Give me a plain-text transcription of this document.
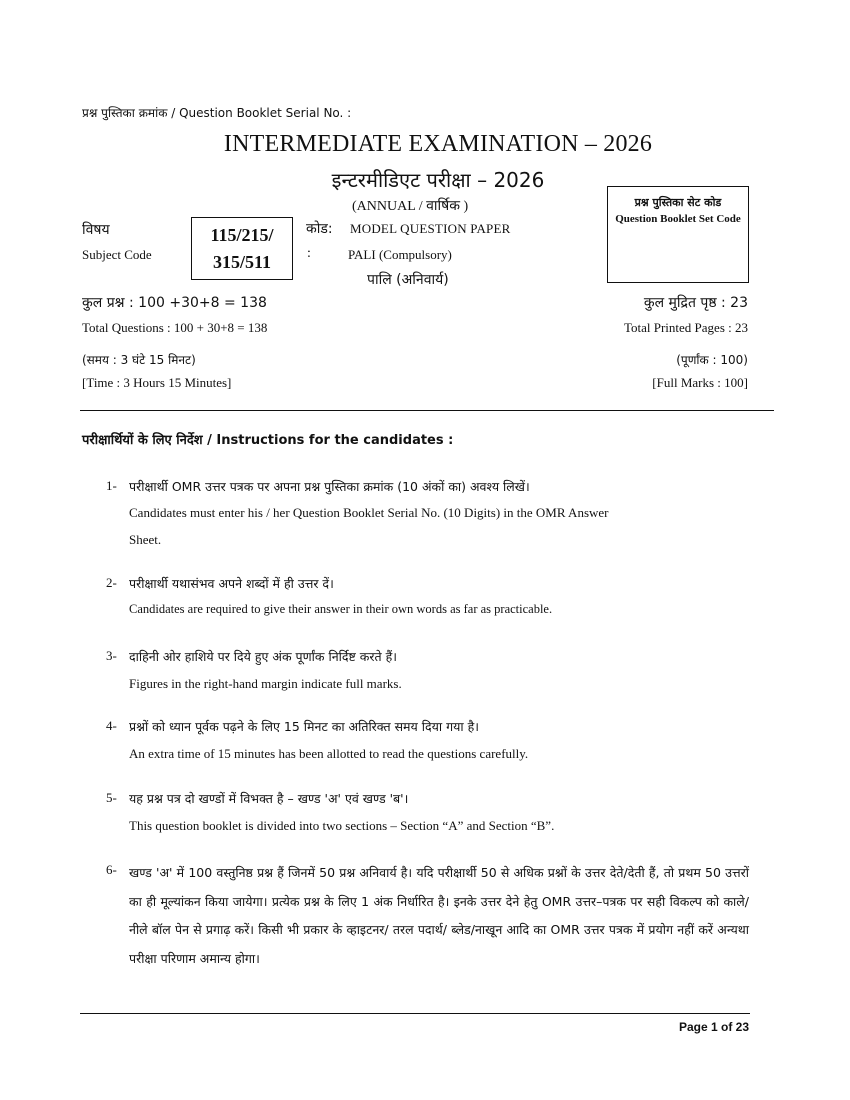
प्रश्न पुस्तिका क्रमांक / Question Booklet Serial No. :
INTERMEDIATE EXAMINATION – 2026
इन्टरमीडिएट परीक्षा – 2026
(ANNUAL / वार्षिक )	प्रश्न पुस्तिका सेट कोड
Question Booklet Set Code
विषय
Subject Code
115/215/
315/511
कोड:
:
MODEL QUESTION PAPER
PALI (Compulsory)
पालि (अनिवार्य)
कुल प्रश्न : 100 +30+8 = 138
Total Questions : 100 + 30+8 = 138
कुल मुद्रित पृष्ठ : 23
Total Printed Pages : 23
(समय : 3 घंटे 15 मिनट)
[Time : 3 Hours 15 Minutes]
(पूर्णांक : 100)
[Full Marks : 100]
परीक्षार्थियों के लिए निर्देश / Instructions for the candidates :
1- परीक्षार्थी OMR उत्तर पत्रक पर अपना प्रश्न पुस्तिका क्रमांक (10 अंकों का) अवश्य लिखें।
Candidates must enter his / her Question Booklet Serial No. (10 Digits) in the OMR Answer
Sheet.
2- परीक्षार्थी यथासंभव अपने शब्दों में ही उत्तर दें।
Candidates are required to give their answer in their own words as far as practicable.
3- दाहिनी ओर हाशिये पर दिये हुए अंक पूर्णांक निर्दिष्ट करते हैं।
Figures in the right-hand margin indicate full marks.
4- प्रश्नों को ध्यान पूर्वक पढ़ने के लिए 15 मिनट का अतिरिक्त समय दिया गया है।
An extra time of 15 minutes has been allotted to read the questions carefully.
5- यह प्रश्न पत्र दो खण्डों में विभक्त है – खण्ड 'अ' एवं खण्ड 'ब'।
This question booklet is divided into two sections – Section “A” and Section “B”.
6- खण्ड 'अ' में 100 वस्तुनिष्ठ प्रश्न हैं जिनमें 50 प्रश्न अनिवार्य है। यदि परीक्षार्थी 50 से अधिक प्रश्नों के उत्तर देते/देती हैं, तो प्रथम 50 उत्तरों का ही मूल्यांकन किया जायेगा। प्रत्येक प्रश्न के लिए 1 अंक निर्धारित है। इनके उत्तर देने हेतु OMR उत्तर–पत्रक पर सही विकल्प को काले/नीले बॉल पेन से प्रगाढ़ करें। किसी भी प्रकार के व्हाइटनर/ तरल पदार्थ/ ब्लेड/नाखून आदि का OMR उत्तर पत्रक में प्रयोग नहीं करें अन्यथा परीक्षा परिणाम अमान्य होगा।
Page 1 of 23
